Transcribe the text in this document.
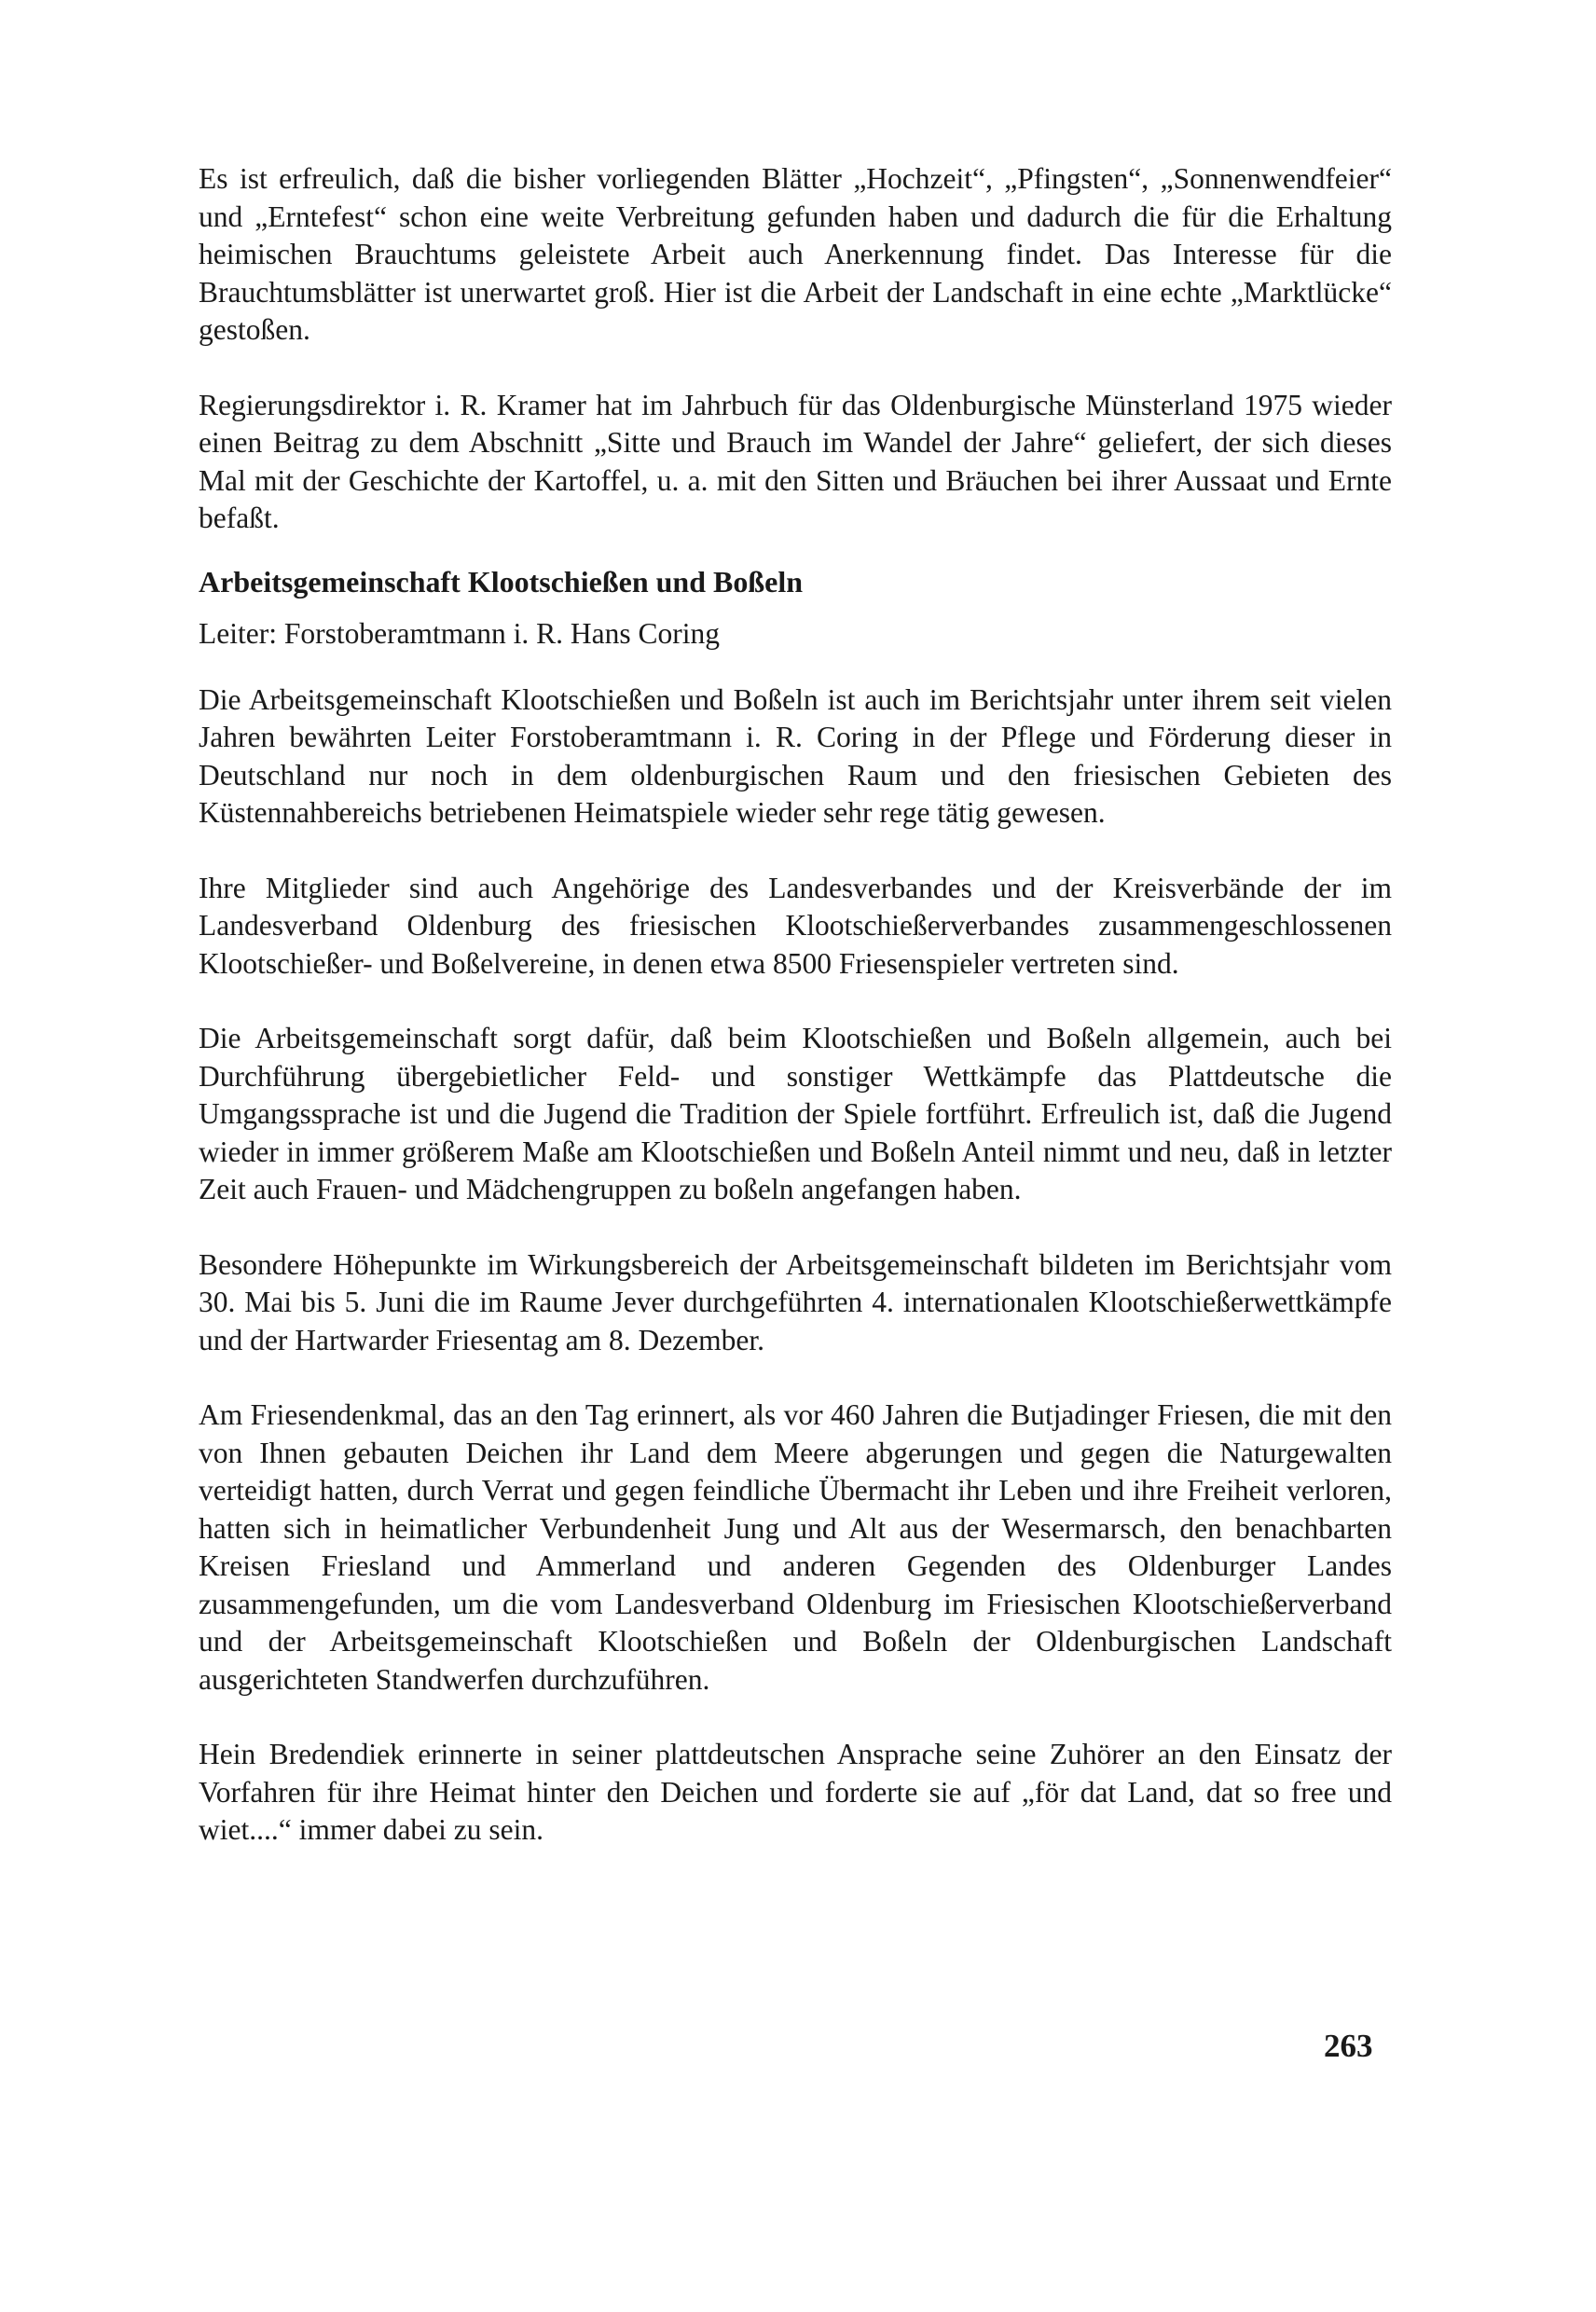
Es ist erfreulich, daß die bisher vorliegenden Blätter „Hochzeit“, „Pfingsten“, „Sonnenwendfeier“ und „Erntefest“ schon eine weite Verbreitung gefunden haben und dadurch die für die Erhaltung heimischen Brauchtums geleistete Arbeit auch Anerkennung findet. Das Interesse für die Brauchtumsblätter ist unerwartet groß. Hier ist die Arbeit der Landschaft in eine echte „Marktlücke“ gestoßen.

Regierungsdirektor i. R. Kramer hat im Jahrbuch für das Oldenburgische Münsterland 1975 wieder einen Beitrag zu dem Abschnitt „Sitte und Brauch im Wandel der Jahre“ geliefert, der sich dieses Mal mit der Geschichte der Kartoffel, u. a. mit den Sitten und Bräuchen bei ihrer Aussaat und Ernte befaßt.

Arbeitsgemeinschaft Klootschießen und Boßeln
Leiter: Forstoberamtmann i. R. Hans Coring

Die Arbeitsgemeinschaft Klootschießen und Boßeln ist auch im Berichtsjahr unter ihrem seit vielen Jahren bewährten Leiter Forstoberamtmann i. R. Coring in der Pflege und Förderung dieser in Deutschland nur noch in dem oldenburgischen Raum und den friesischen Gebieten des Küstennahbereichs betriebenen Heimatspiele wieder sehr rege tätig gewesen.

Ihre Mitglieder sind auch Angehörige des Landesverbandes und der Kreisverbände der im Landesverband Oldenburg des friesischen Klootschießerverbandes zusammengeschlossenen Klootschießer- und Boßelvereine, in denen etwa 8500 Friesenspieler vertreten sind.

Die Arbeitsgemeinschaft sorgt dafür, daß beim Klootschießen und Boßeln allgemein, auch bei Durchführung übergebietlicher Feld- und sonstiger Wettkämpfe das Plattdeutsche die Umgangssprache ist und die Jugend die Tradition der Spiele fortführt. Erfreulich ist, daß die Jugend wieder in immer größerem Maße am Klootschießen und Boßeln Anteil nimmt und neu, daß in letzter Zeit auch Frauen- und Mädchengruppen zu boßeln angefangen haben.

Besondere Höhepunkte im Wirkungsbereich der Arbeitsgemeinschaft bildeten im Berichtsjahr vom 30. Mai bis 5. Juni die im Raume Jever durchgeführten 4. internationalen Klootschießerwettkämpfe und der Hartwarder Friesentag am 8. Dezember.

Am Friesendenkmal, das an den Tag erinnert, als vor 460 Jahren die Butjadinger Friesen, die mit den von Ihnen gebauten Deichen ihr Land dem Meere abgerungen und gegen die Naturgewalten verteidigt hatten, durch Verrat und gegen feindliche Übermacht ihr Leben und ihre Freiheit verloren, hatten sich in heimatlicher Verbundenheit Jung und Alt aus der Wesermarsch, den benachbarten Kreisen Friesland und Ammerland und anderen Gegenden des Oldenburger Landes zusammengefunden, um die vom Landesverband Oldenburg im Friesischen Klootschießerverband und der Arbeitsgemeinschaft Klootschießen und Boßeln der Oldenburgischen Landschaft ausgerichteten Standwerfen durchzuführen.

Hein Bredendiek erinnerte in seiner plattdeutschen Ansprache seine Zuhörer an den Einsatz der Vorfahren für ihre Heimat hinter den Deichen und forderte sie auf „för dat Land, dat so free und wiet....“ immer dabei zu sein.

263
